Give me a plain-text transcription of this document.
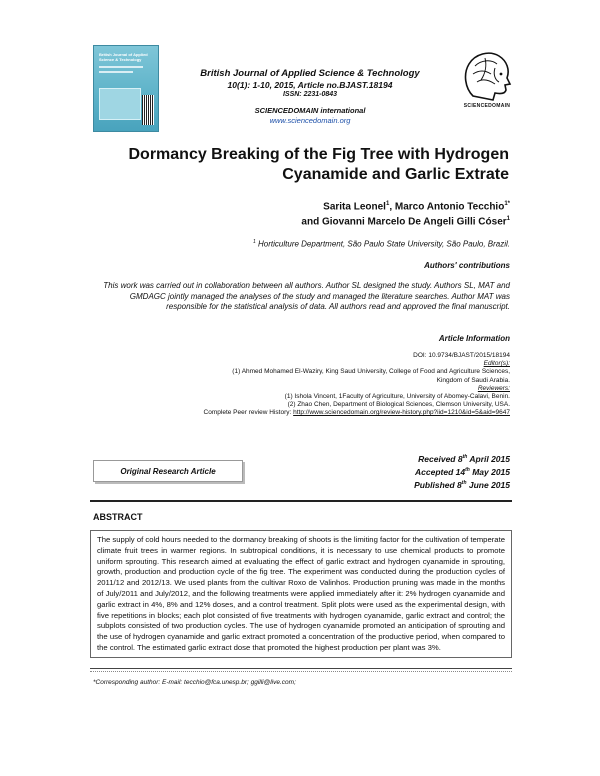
British Journal of Applied Science & Technology
British Journal of Applied Science & Technology
10(1): 1-10, 2015, Article no.BJAST.18194
ISSN: 2231-0843
SCIENCEDOMAIN international
www.sciencedomain.org
SCIENCEDOMAIN
Dormancy Breaking of the Fig Tree with Hydrogen
Cyanamide and Garlic Extrate
Sarita Leonel$^1$, Marco Antonio Tecchio$^{1*}$
and Giovanni Marcelo De Angeli Gilli Cóser$^1$
$^1$ Horticulture Department, São Paulo State University, São Paulo, Brazil.
Authors' contributions
This work was carried out in collaboration between all authors. Author SL designed the study. Authors SL, MAT and GMDAGC jointly managed the analyses of the study and managed the literature searches. Author MAT was responsible for the statistical analysis of data. All authors read and approved the final manuscript.
Article Information
DOI: 10.9734/BJAST/2015/18194
Editor(s):
(1) Ahmed Mohamed El-Waziry, King Saud University, College of Food and Agriculture Sciences,
Kingdom of Saudi Arabia.
Reviewers:
(1) Ishola Vincent, 1Faculty of Agriculture, University of Abomey-Calavi, Benin.
(2) Zhao Chen, Department of Biological Sciences, Clemson University, USA.
Complete Peer review History: http://www.sciencedomain.org/review-history.php?iid=1210&id=5&aid=9647
Original Research Article
Received 8th April 2015
Accepted 14th May 2015
Published 8th June 2015
ABSTRACT
The supply of cold hours needed to the dormancy breaking of shoots is the limiting factor for the cultivation of temperate climate fruit trees in warmer regions. In subtropical conditions, it is necessary to use chemical products to promote uniform sprouting. This research aimed at evaluating the effect of garlic extract and hydrogen cyanamide in sprouting, growth, production and production cycle of the fig tree. The experiment was conducted during the production cycles of 2011/12 and 2012/13. We used plants from the cultivar Roxo de Valinhos. Production pruning was made in the months of July/2011 and July/2012, and the following treatments were applied immediately after it: 2% hydrogen cyanamide and garlic extract in 4%, 8% and 12% doses, and a control treatment. Split plots were used as the experimental design, with five repetitions in blocks; each plot consisted of five treatments with hydrogen cyanamide, garlic extract and control; the subplots consisted of two production cycles. The use of hydrogen cyanamide promoted an anticipation of sprouting and the use of hydrogen cyanamide and garlic extract promoted a concentration of the productive period, when compared to the control. The estimated garlic extract dose that promoted the highest production per plant was 3%.
*Corresponding author: E-mail: tecchio@fca.unesp.br; ggilli@live.com;
